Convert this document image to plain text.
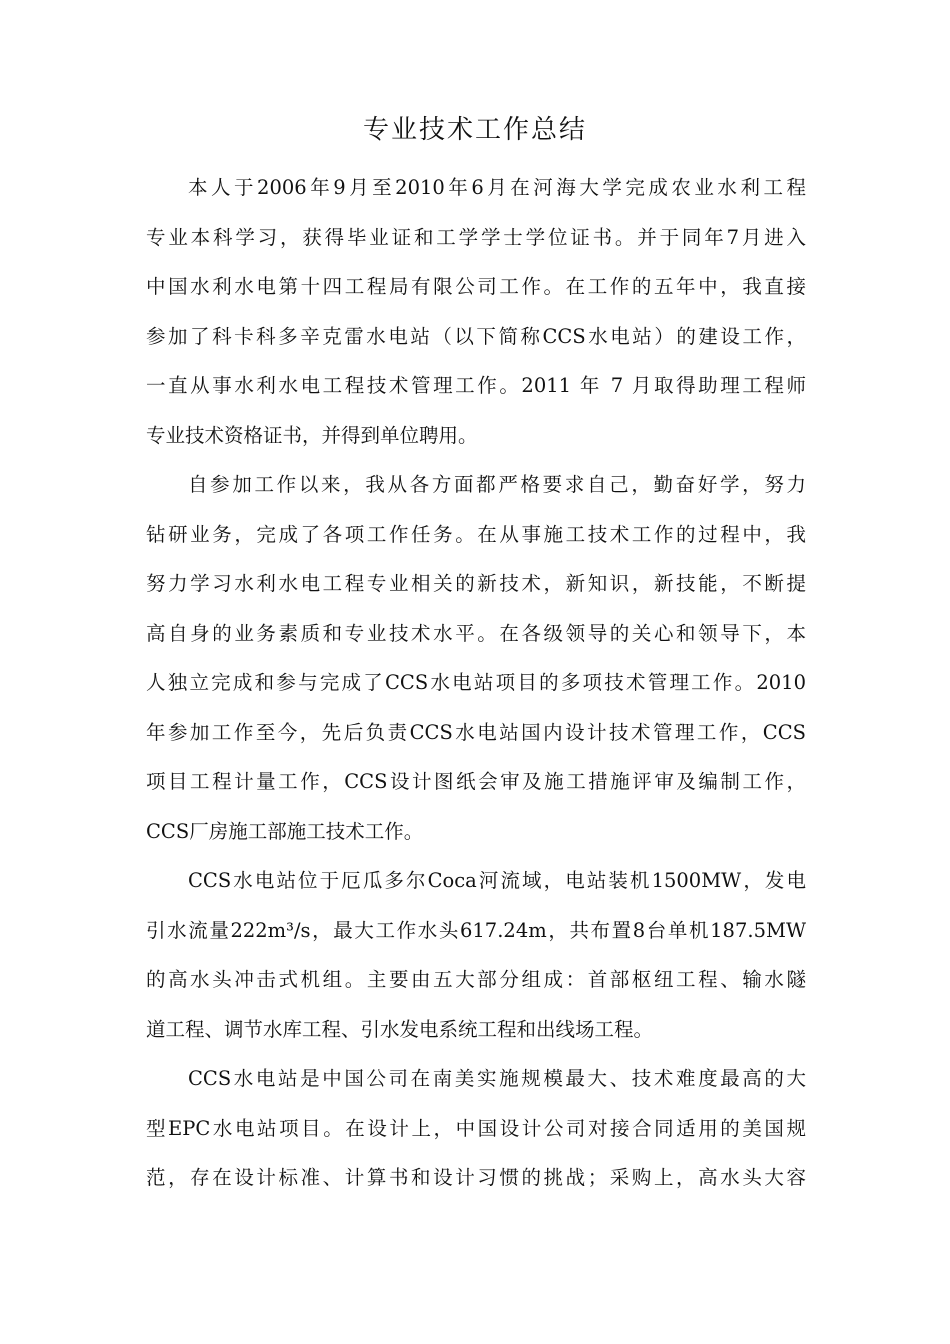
专业技术工作总结
本人于2006年9月至2010年6月在河海大学完成农业水利工程
专业本科学习，获得毕业证和工学学士学位证书。并于同年7月进入
中国水利水电第十四工程局有限公司工作。在工作的五年中，我直接
参加了科卡科多辛克雷水电站（以下简称CCS水电站）的建设工作，
一直从事水利水电工程技术管理工作。2011 年 7 月取得助理工程师
专业技术资格证书，并得到单位聘用。
自参加工作以来，我从各方面都严格要求自己，勤奋好学，努力
钻研业务，完成了各项工作任务。在从事施工技术工作的过程中，我
努力学习水利水电工程专业相关的新技术，新知识，新技能，不断提
高自身的业务素质和专业技术水平。在各级领导的关心和领导下，本
人独立完成和参与完成了CCS水电站项目的多项技术管理工作。2010
年参加工作至今，先后负责CCS水电站国内设计技术管理工作，CCS
项目工程计量工作，CCS设计图纸会审及施工措施评审及编制工作，
CCS厂房施工部施工技术工作。
CCS水电站位于厄瓜多尔Coca河流域，电站装机1500MW，发电
引水流量222m³/s，最大工作水头617.24m，共布置8台单机187.5MW
的高水头冲击式机组。主要由五大部分组成：首部枢纽工程、输水隧
道工程、调节水库工程、引水发电系统工程和出线场工程。
CCS水电站是中国公司在南美实施规模最大、技术难度最高的大
型EPC水电站项目。在设计上，中国设计公司对接合同适用的美国规
范，存在设计标准、计算书和设计习惯的挑战；采购上，高水头大容
